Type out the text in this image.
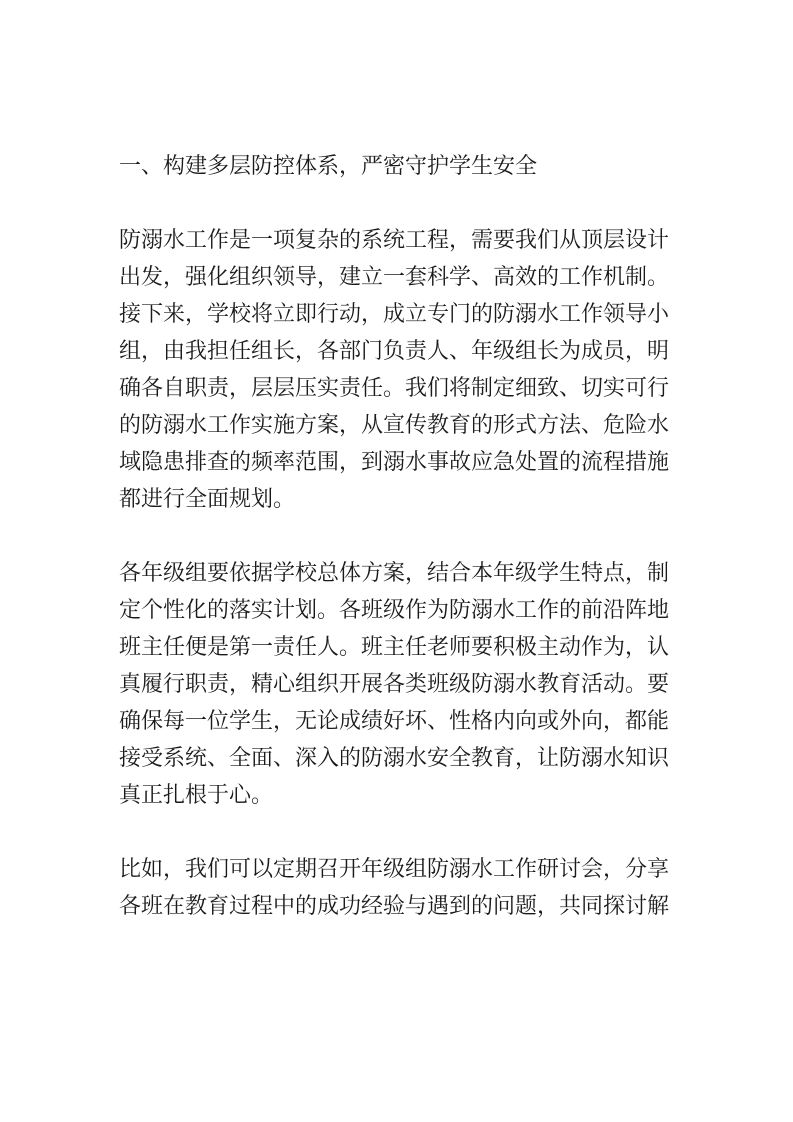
一、构建多层防控体系，严密守护学生安全
防溺水工作是一项复杂的系统工程，需要我们从顶层设计
出发，强化组织领导，建立一套科学、高效的工作机制。
接下来，学校将立即行动，成立专门的防溺水工作领导小
组，由我担任组长，各部门负责人、年级组长为成员，明
确各自职责，层层压实责任。我们将制定细致、切实可行
的防溺水工作实施方案，从宣传教育的形式方法、危险水
域隐患排查的频率范围，到溺水事故应急处置的流程措施
都进行全面规划。
各年级组要依据学校总体方案，结合本年级学生特点，制
定个性化的落实计划。各班级作为防溺水工作的前沿阵地
班主任便是第一责任人。班主任老师要积极主动作为，认
真履行职责，精心组织开展各类班级防溺水教育活动。要
确保每一位学生，无论成绩好坏、性格内向或外向，都能
接受系统、全面、深入的防溺水安全教育，让防溺水知识
真正扎根于心。
比如，我们可以定期召开年级组防溺水工作研讨会，分享
各班在教育过程中的成功经验与遇到的问题，共同探讨解
